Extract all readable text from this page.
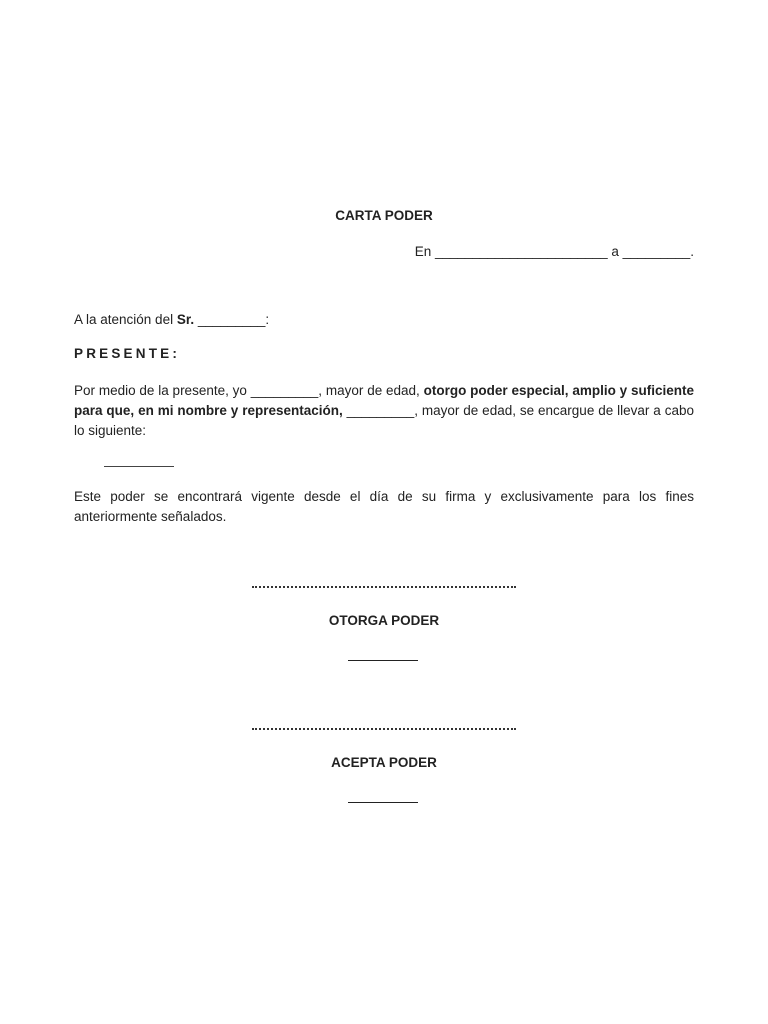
CARTA PODER
En _______________________ a _________.
A la atención del Sr. _________:
PRESENTE:
Por medio de la presente, yo _________, mayor de edad, otorgo poder especial, amplio y suficiente para que, en mi nombre y representación, _________, mayor de edad, se encargue de llevar a cabo lo siguiente:
Este poder se encontrará vigente desde el día de su firma y exclusivamente para los fines anteriormente señalados.
OTORGA PODER
ACEPTA PODER
